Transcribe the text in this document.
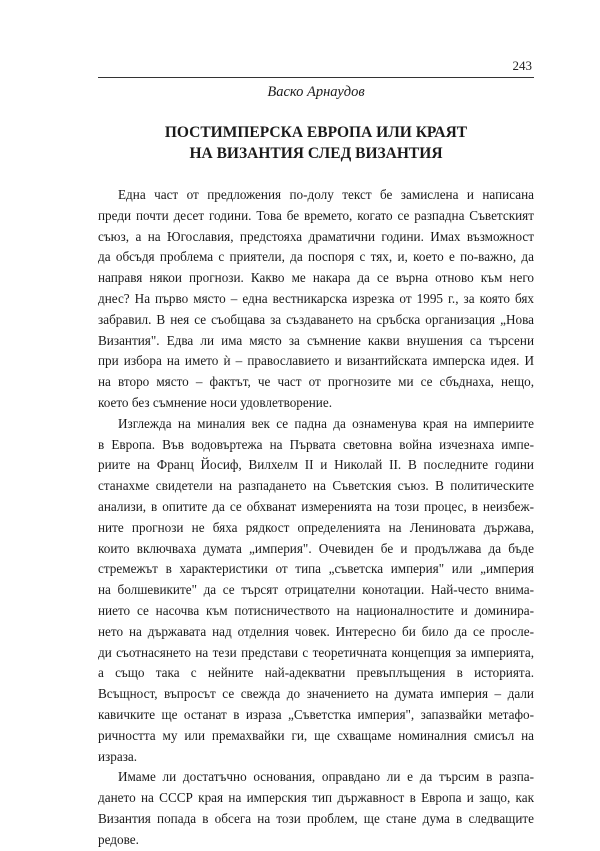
243
Васко Арнаудов
ПОСТИМПЕРСКА ЕВРОПА ИЛИ КРАЯТ
НА ВИЗАНТИЯ СЛЕД ВИЗАНТИЯ
Една част от предложения по-долу текст бе замислена и написана
преди почти десет години. Това бе времето, когато се разпадна Съветският
съюз, а на Югославия, предстояха драматични години. Имах възможност
да обсъдя проблема с приятели, да поспоря с тях, и, което е по-важно, да
направя някои прогнози. Какво ме накара да се върна отново към него
днес? На първо място – една вестникарска изрезка от 1995 г., за която бях
забравил. В нея се съобщава за създаването на сръбска организация „Нова
Византия". Едва ли има място за съмнение какви внушения са търсени
при избора на името ѝ – православието и византийската имперска идея. И
на второ място – фактът, че част от прогнозите ми се сбъднаха, нещо,
което без съмнение носи удовлетворение.
Изглежда на миналия век се падна да ознаменува края на империите
в Европа. Във водовъртежа на Първата световна война изчезнаха импе-
риите на Франц Йосиф, Вилхелм II и Николай II. В последните години
станахме свидетели на разпадането на Съветския съюз. В политическите
анализи, в опитите да се обхванат измеренията на този процес, в неизбеж-
ните прогнози не бяха рядкост определенията на Лениновата държава,
които включваха думата „империя". Очевиден бе и продължава да бъде
стремежът в характеристики от типа „съветска империя" или „империя
на болшевиките" да се търсят отрицателни конотации. Най-често внима-
нието се насочва към потисничеството на националностите и доминира-
нето на държавата над отделния човек. Интересно би било да се просле-
ди съотнасянето на тези представи с теоретичната концепция за империята,
а също така с нейните най-адекватни превъплъщения в историята.
Всъщност, въпросът се свежда до значението на думата империя – дали
кавичките ще останат в израза „Съветстка империя", запазвайки метафо-
ричността му или премахвайки ги, ще схващаме номиналния смисъл на
израза.
Имаме ли достатъчно основания, оправдано ли е да търсим в разпа-
дането на СССР края на имперския тип държавност в Европа и защо, как
Византия попада в обсега на този проблем, ще стане дума в следващите
редове.
